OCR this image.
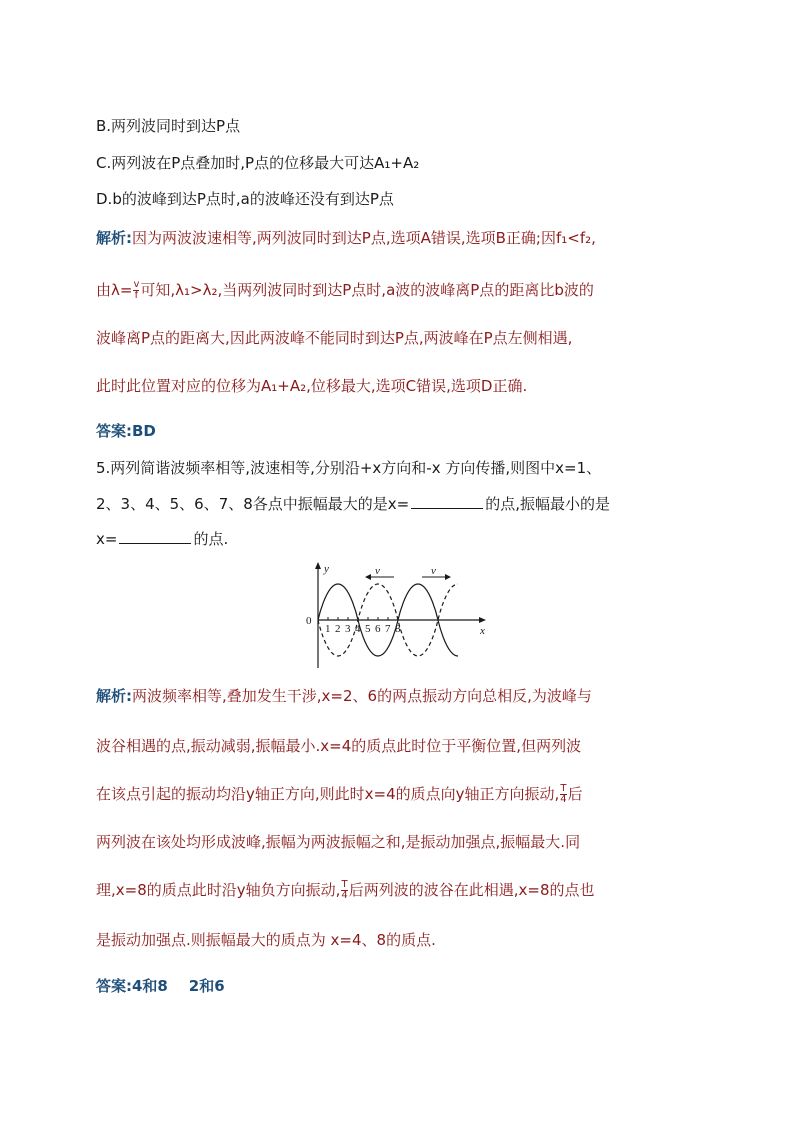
B.两列波同时到达P点
C.两列波在P点叠加时,P点的位移最大可达A₁+A₂
D.b的波峰到达P点时,a的波峰还没有到达P点
解析:因为两波波速相等,两列波同时到达P点,选项A错误,选项B正确;因f₁<f₂,
由$\lambda= \frac{v}{f}$ 可知,λ₁>λ₂,当两列波同时到达P点时,a波的波峰离P点的距离比b波的
波峰离P点的距离大,因此两波峰不能同时到达P点,两波峰在P点左侧相遇,
此时此位置对应的位移为A₁+A₂,位移最大,选项C错误,选项D正确.
答案:BD
5.两列简谐波频率相等,波速相等,分别沿+x方向和-x 方向传播,则图中x=1、
2、3、4、5、6、7、8各点中振幅最大的是x=	的点,振幅最小的是
x=	的点.
y
x
0
v	v
1 2 3 4 5 6 7 8
解析:两波频率相等,叠加发生干涉,x=2、6的两点振动方向总相反,为波峰与
波谷相遇的点,振动减弱,振幅最小.x=4的质点此时位于平衡位置,但两列波
在该点引起的振动均沿y轴正方向,则此时x=4的质点向y轴正方向振动, $\frac{T}{4}$ 后
两列波在该处均形成波峰,振幅为两波振幅之和,是振动加强点,振幅最大.同
理,x=8的质点此时沿y轴负方向振动, $\frac{T}{4}$ 后两列波的波谷在此相遇,x=8的点也
是振动加强点.则振幅最大的质点为 x=4、8的质点.
答案:4和8    2和6
